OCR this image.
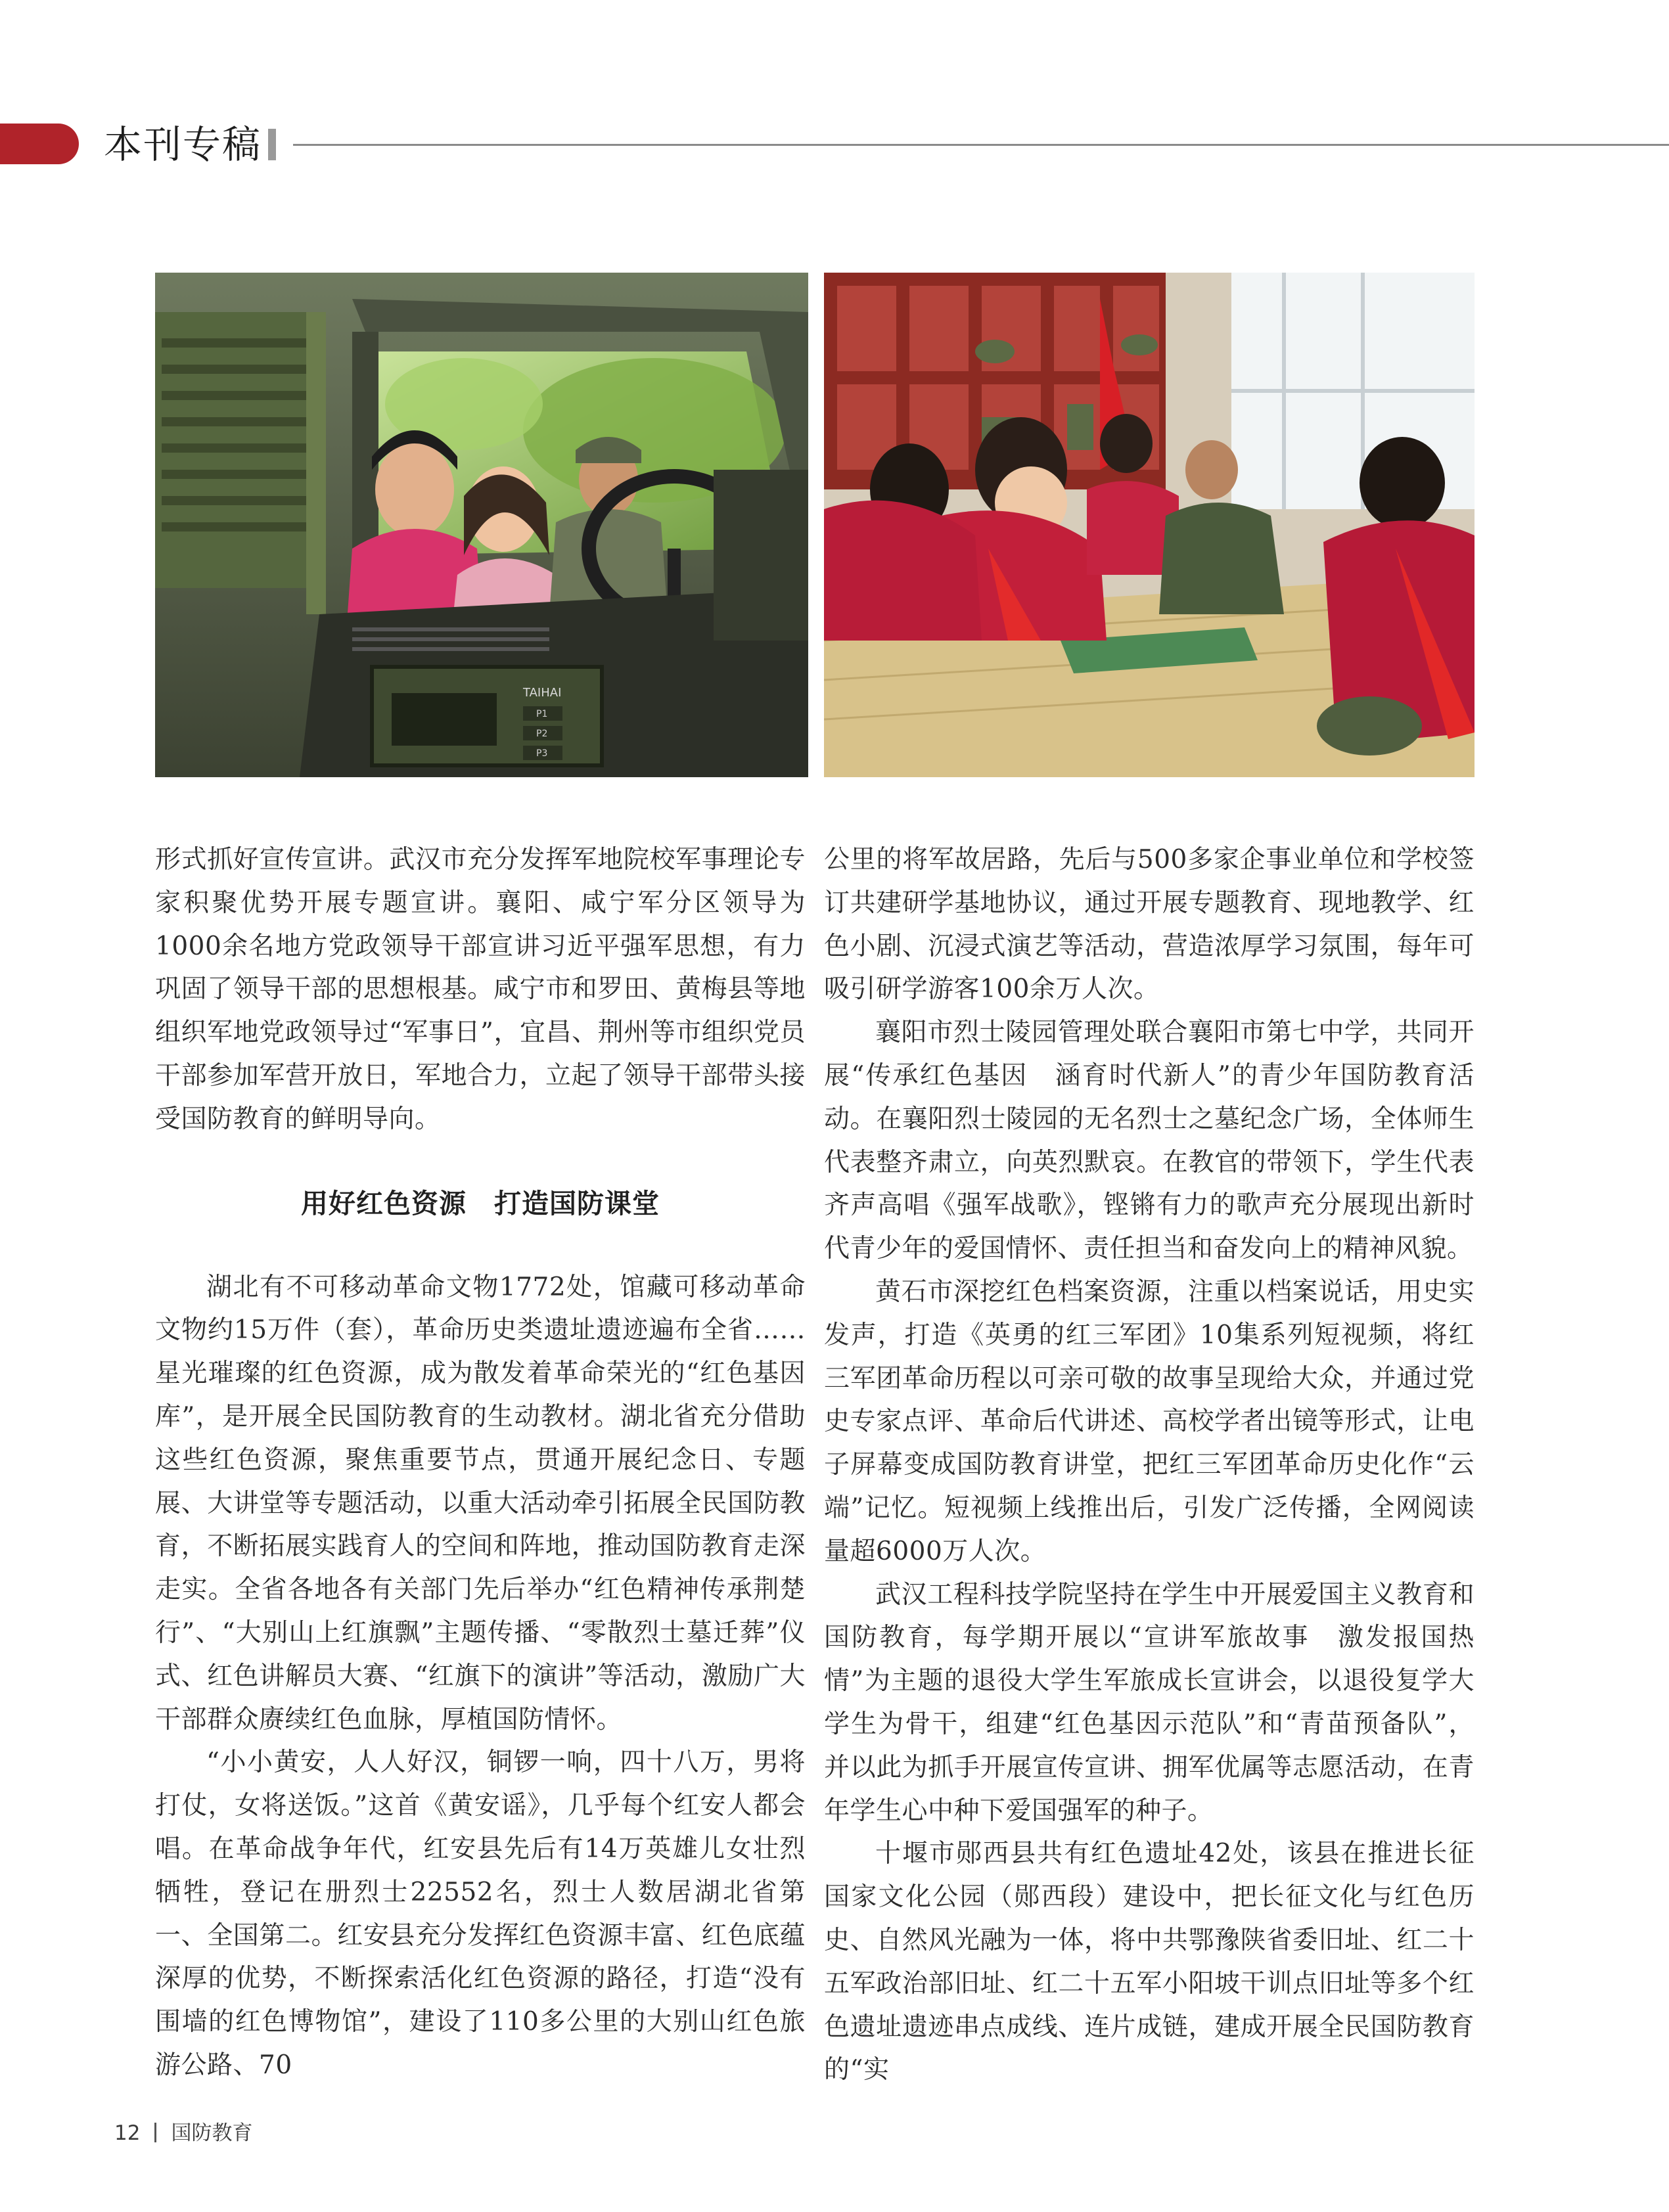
本刊专稿
TAIHAI
P1
P2
P3

形式抓好宣传宣讲。武汉市充分发挥军地院校军事理论专家积聚优势开展专题宣讲。襄阳、咸宁军分区领导为1000余名地方党政领导干部宣讲习近平强军思想，有力巩固了领导干部的思想根基。咸宁市和罗田、黄梅县等地组织军地党政领导过“军事日”，宜昌、荆州等市组织党员干部参加军营开放日，军地合力，立起了领导干部带头接受国防教育的鲜明导向。

用好红色资源　打造国防课堂

湖北有不可移动革命文物1772处，馆藏可移动革命文物约15万件（套），革命历史类遗址遗迹遍布全省……星光璀璨的红色资源，成为散发着革命荣光的“红色基因库”，是开展全民国防教育的生动教材。湖北省充分借助这些红色资源，聚焦重要节点，贯通开展纪念日、专题展、大讲堂等专题活动，以重大活动牵引拓展全民国防教育，不断拓展实践育人的空间和阵地，推动国防教育走深走实。全省各地各有关部门先后举办“红色精神传承荆楚行”、“大别山上红旗飘”主题传播、“零散烈士墓迁葬”仪式、红色讲解员大赛、“红旗下的演讲”等活动，激励广大干部群众赓续红色血脉，厚植国防情怀。

“小小黄安，人人好汉，铜锣一响，四十八万，男将打仗，女将送饭。”这首《黄安谣》，几乎每个红安人都会唱。在革命战争年代，红安县先后有14万英雄儿女壮烈牺牲，登记在册烈士22552名，烈士人数居湖北省第一、全国第二。红安县充分发挥红色资源丰富、红色底蕴深厚的优势，不断探索活化红色资源的路径，打造“没有围墙的红色博物馆”，建设了110多公里的大别山红色旅游公路、70

公里的将军故居路，先后与500多家企事业单位和学校签订共建研学基地协议，通过开展专题教育、现地教学、红色小剧、沉浸式演艺等活动，营造浓厚学习氛围，每年可吸引研学游客100余万人次。

襄阳市烈士陵园管理处联合襄阳市第七中学，共同开展“传承红色基因　涵育时代新人”的青少年国防教育活动。在襄阳烈士陵园的无名烈士之墓纪念广场，全体师生代表整齐肃立，向英烈默哀。在教官的带领下，学生代表齐声高唱《强军战歌》，铿锵有力的歌声充分展现出新时代青少年的爱国情怀、责任担当和奋发向上的精神风貌。

黄石市深挖红色档案资源，注重以档案说话，用史实发声，打造《英勇的红三军团》10集系列短视频，将红三军团革命历程以可亲可敬的故事呈现给大众，并通过党史专家点评、革命后代讲述、高校学者出镜等形式，让电子屏幕变成国防教育讲堂，把红三军团革命历史化作“云端”记忆。短视频上线推出后，引发广泛传播，全网阅读量超6000万人次。

武汉工程科技学院坚持在学生中开展爱国主义教育和国防教育，每学期开展以“宣讲军旅故事　激发报国热情”为主题的退役大学生军旅成长宣讲会，以退役复学大学生为骨干，组建“红色基因示范队”和“青苗预备队”，并以此为抓手开展宣传宣讲、拥军优属等志愿活动，在青年学生心中种下爱国强军的种子。

十堰市郧西县共有红色遗址42处，该县在推进长征国家文化公园（郧西段）建设中，把长征文化与红色历史、自然风光融为一体，将中共鄂豫陕省委旧址、红二十五军政治部旧址、红二十五军小阳坡干训点旧址等多个红色遗址遗迹串点成线、连片成链，建成开展全民国防教育的“实

12 国防教育
